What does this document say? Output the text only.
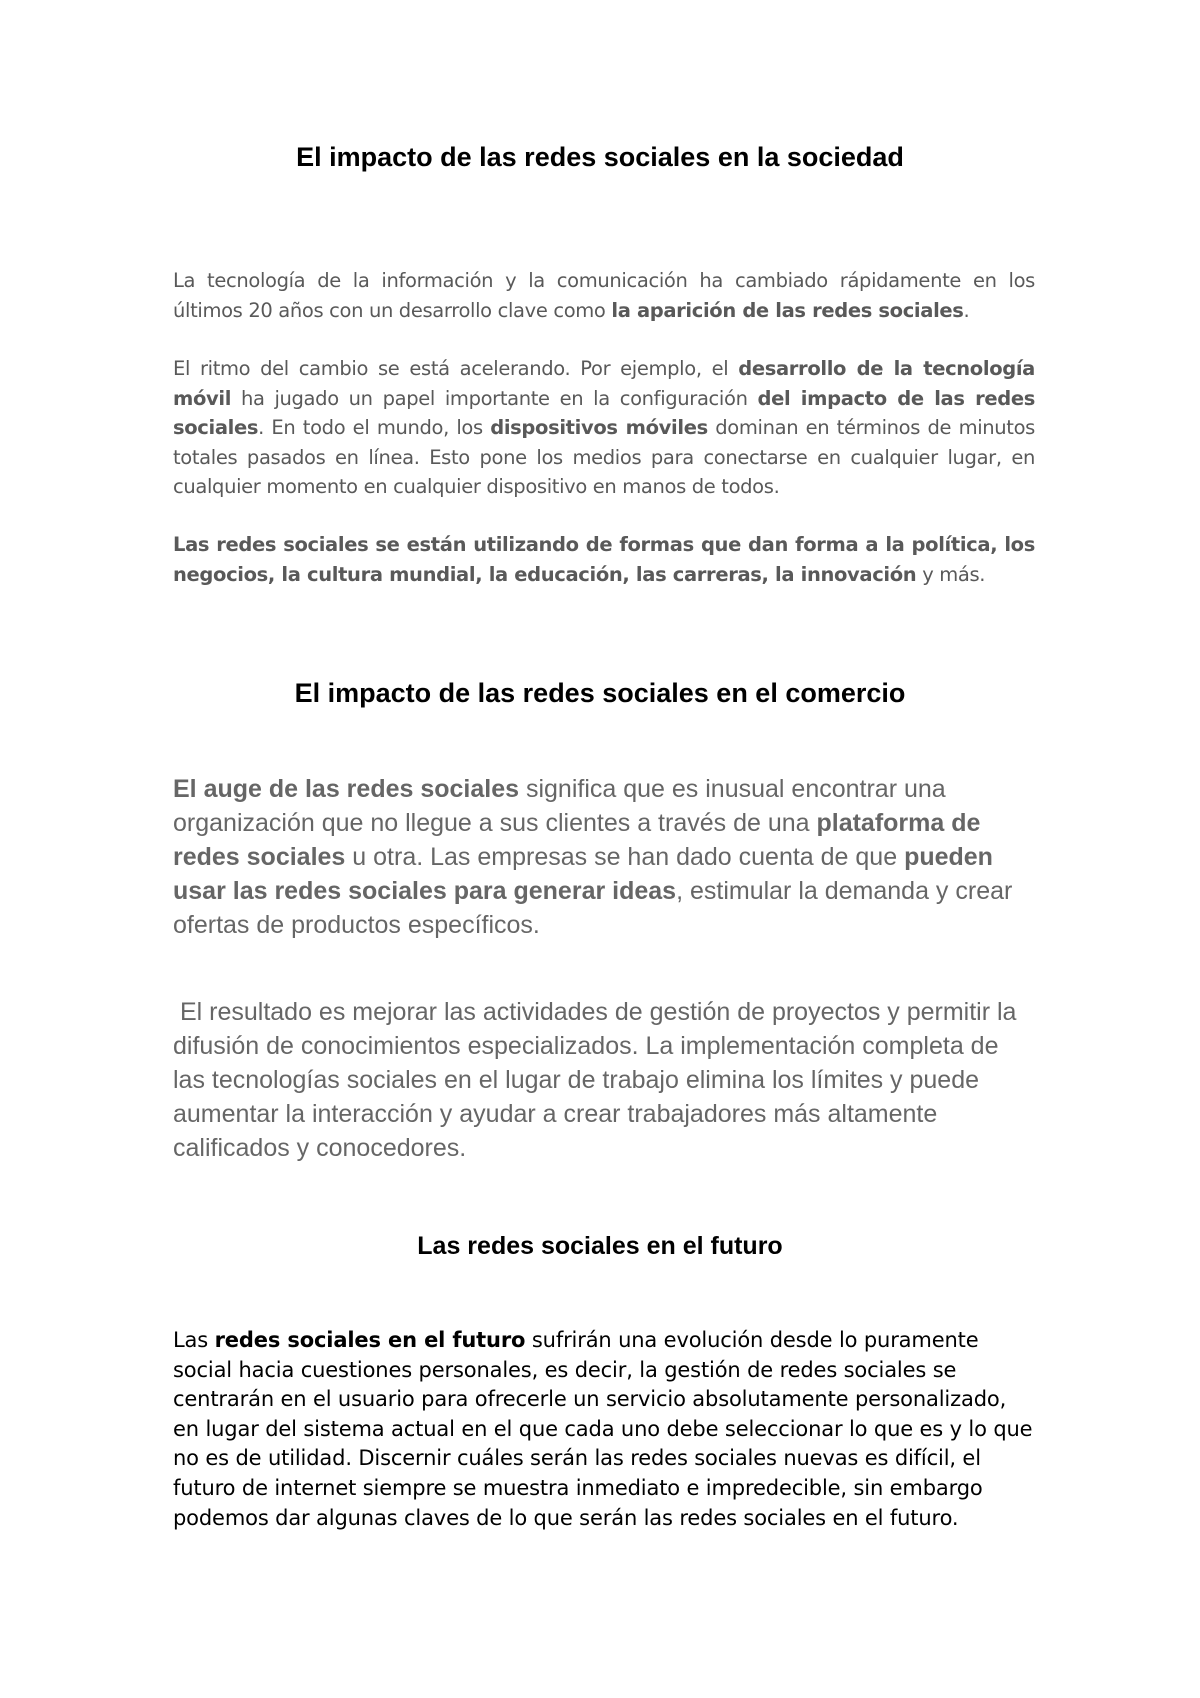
El impacto de las redes sociales en la sociedad

La tecnología de la información y la comunicación ha cambiado rápidamente en los últimos 20 años con un desarrollo clave como la aparición de las redes sociales.

El ritmo del cambio se está acelerando. Por ejemplo, el desarrollo de la tecnología móvil ha jugado un papel importante en la configuración del impacto de las redes sociales. En todo el mundo, los dispositivos móviles dominan en términos de minutos totales pasados en línea. Esto pone los medios para conectarse en cualquier lugar, en cualquier momento en cualquier dispositivo en manos de todos.

Las redes sociales se están utilizando de formas que dan forma a la política, los negocios, la cultura mundial, la educación, las carreras, la innovación y más.

El impacto de las redes sociales en el comercio

El auge de las redes sociales significa que es inusual encontrar una organización que no llegue a sus clientes a través de una plataforma de redes sociales u otra. Las empresas se han dado cuenta de que pueden usar las redes sociales para generar ideas, estimular la demanda y crear ofertas de productos específicos.

El resultado es mejorar las actividades de gestión de proyectos y permitir la difusión de conocimientos especializados. La implementación completa de las tecnologías sociales en el lugar de trabajo elimina los límites y puede aumentar la interacción y ayudar a crear trabajadores más altamente calificados y conocedores.

Las redes sociales en el futuro

Las redes sociales en el futuro sufrirán una evolución desde lo puramente social hacia cuestiones personales, es decir, la gestión de redes sociales se centrarán en el usuario para ofrecerle un servicio absolutamente personalizado, en lugar del sistema actual en el que cada uno debe seleccionar lo que es y lo que no es de utilidad. Discernir cuáles serán las redes sociales nuevas es difícil, el futuro de internet siempre se muestra inmediato e impredecible, sin embargo podemos dar algunas claves de lo que serán las redes sociales en el futuro.
